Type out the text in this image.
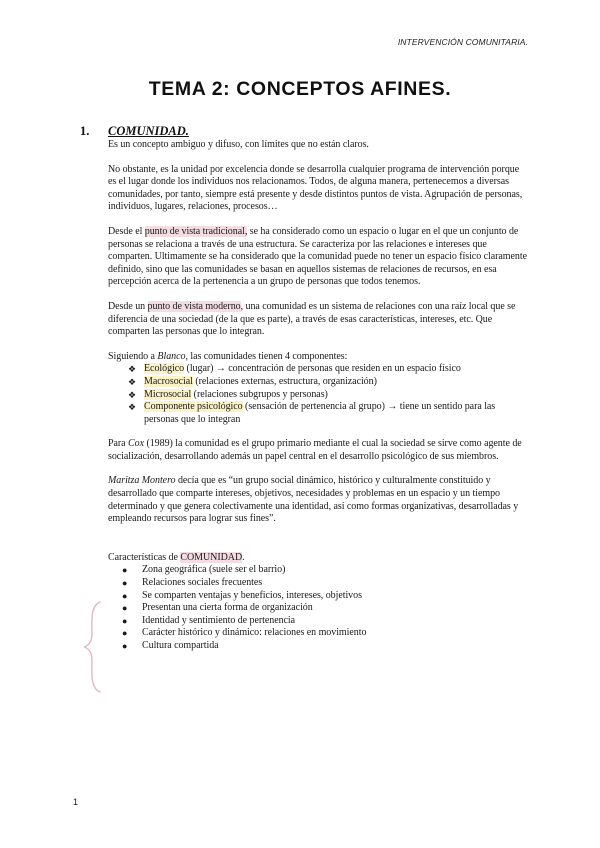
INTERVENCIÓN COMUNITARIA.
TEMA 2: CONCEPTOS AFINES.
1. COMUNIDAD.

Es un concepto ambiguo y difuso, con límites que no están claros.

No obstante, es la unidad por excelencia donde se desarrolla cualquier programa de intervención porque es el lugar donde los individuos nos relacionamos. Todos, de alguna manera, pertenecemos a diversas comunidades, por tanto, siempre está presente y desde distintos puntos de vista. Agrupación de personas, individuos, lugares, relaciones, procesos…

Desde el punto de vista tradicional, se ha considerado como un espacio o lugar en el que un conjunto de personas se relaciona a través de una estructura. Se caracteriza por las relaciones e intereses que comparten. Ultimamente se ha considerado que la comunidad puede no tener un espacio físico claramente definido, sino que las comunidades se basan en aquellos sistemas de relaciones de recursos, en esa percepción acerca de la pertenencia a un grupo de personas que todos tenemos.

Desde un punto de vista moderno, una comunidad es un sistema de relaciones con una raíz local que se diferencia de una sociedad (de la que es parte), a través de esas características, intereses, etc. Que comparten las personas que lo integran.

Siguiendo a Blanco, las comunidades tienen 4 componentes:
❖ Ecológico (lugar) → concentración de personas que residen en un espacio físico
❖ Macrosocial (relaciones externas, estructura, organización)
❖ Microsocial (relaciones subgrupos y personas)
❖ Componente psicológico (sensación de pertenencia al grupo) → tiene un sentido para las personas que lo integran

Para Cox (1989) la comunidad es el grupo primario mediante el cual la sociedad se sirve como agente de socialización, desarrollando además un papel central en el desarrollo psicológico de sus miembros.

Maritza Montero decía que es “un grupo social dinámico, histórico y culturalmente constituido y desarrollado que comparte intereses, objetivos, necesidades y problemas en un espacio y un tiempo determinado y que genera colectivamente una identidad, así como formas organizativas, desarrolladas y empleando recursos para lograr sus fines”.

Características de COMUNIDAD.
● Zona geográfica (suele ser el barrio)
● Relaciones sociales frecuentes
● Se comparten ventajas y beneficios, intereses, objetivos
● Presentan una cierta forma de organización
● Identidad y sentimiento de pertenencia
● Carácter histórico y dinámico: relaciones en movimiento
● Cultura compartida
1
